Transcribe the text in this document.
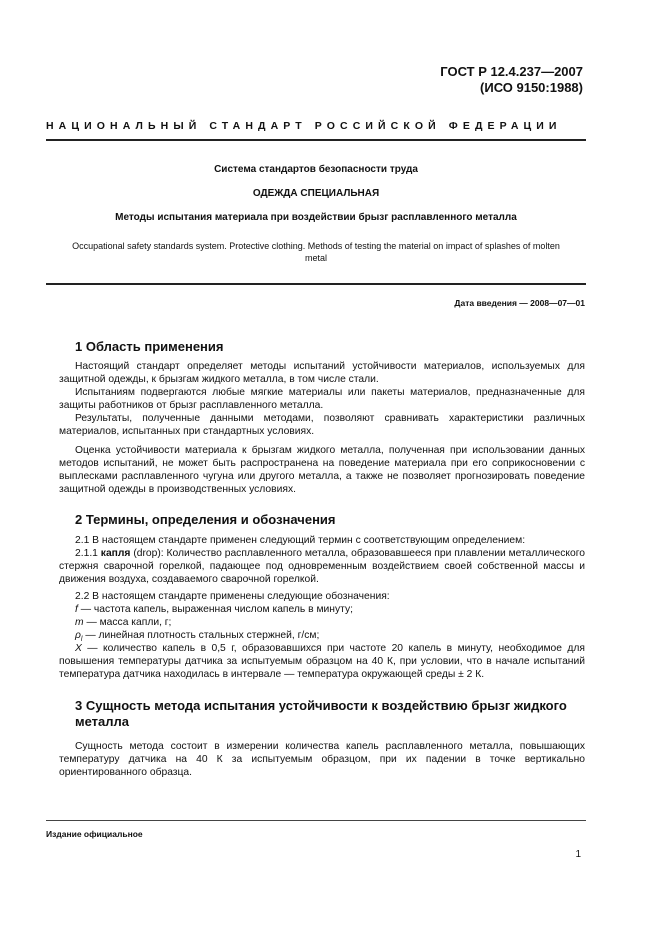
ГОСТ Р 12.4.237—2007
(ИСО 9150:1988)
НАЦИОНАЛЬНЫЙ СТАНДАРТ РОССИЙСКОЙ ФЕДЕРАЦИИ
Система стандартов безопасности труда
ОДЕЖДА СПЕЦИАЛЬНАЯ
Методы испытания материала при воздействии брызг расплавленного металла
Occupational safety standards system. Protective clothing. Methods of testing the material on impact of splashes of molten metal
Дата введения — 2008—07—01
1 Область применения
Настоящий стандарт определяет методы испытаний устойчивости материалов, используемых для защитной одежды, к брызгам жидкого металла, в том числе стали.
Испытаниям подвергаются любые мягкие материалы или пакеты материалов, предназначенные для защиты работников от брызг расплавленного металла.
Результаты, полученные данными методами, позволяют сравнивать характеристики различных материалов, испытанных при стандартных условиях.
Оценка устойчивости материала к брызгам жидкого металла, полученная при использовании данных методов испытаний, не может быть распространена на поведение материала при его соприкосновении с выплесками расплавленного чугуна или другого металла, а также не позволяет прогнозировать поведение защитной одежды в производственных условиях.
2 Термины, определения и обозначения
2.1 В настоящем стандарте применен следующий термин с соответствующим определением:
2.1.1 капля (drop): Количество расплавленного металла, образовавшееся при плавлении металлического стержня сварочной горелкой, падающее под одновременным воздействием своей собственной массы и движения воздуха, создаваемого сварочной горелкой.
2.2 В настоящем стандарте применены следующие обозначения:
f — частота капель, выраженная числом капель в минуту;
m — масса капли, г;
$\rho_l$ — линейная плотность стальных стержней, г/см;
X — количество капель в 0,5 г, образовавшихся при частоте 20 капель в минуту, необходимое для повышения температуры датчика за испытуемым образцом на 40 К, при условии, что в начале испытаний температура датчика находилась в интервале — температура окружающей среды ± 2 К.
3 Сущность метода испытания устойчивости к воздействию брызг жидкого металла
Сущность метода состоит в измерении количества капель расплавленного металла, повышающих температуру датчика на 40 К за испытуемым образцом, при их падении в точке вертикально ориентированного образца.
Издание официальное
1
